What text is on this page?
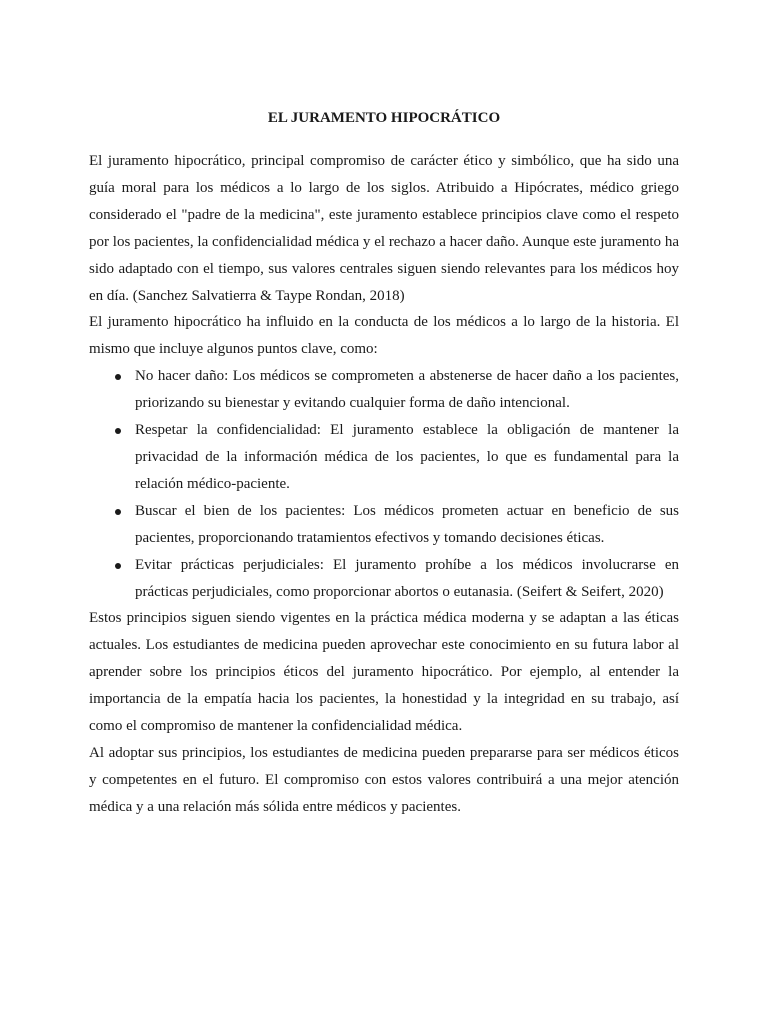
EL JURAMENTO HIPOCRÁTICO

El juramento hipocrático, principal compromiso de carácter ético y simbólico, que ha sido una guía moral para los médicos a lo largo de los siglos. Atribuido a Hipócrates, médico griego considerado el "padre de la medicina", este juramento establece principios clave como el respeto por los pacientes, la confidencialidad médica y el rechazo a hacer daño. Aunque este juramento ha sido adaptado con el tiempo, sus valores centrales siguen siendo relevantes para los médicos hoy en día. (Sanchez Salvatierra & Taype Rondan, 2018)

El juramento hipocrático ha influido en la conducta de los médicos a lo largo de la historia. El mismo que incluye algunos puntos clave, como:

No hacer daño: Los médicos se comprometen a abstenerse de hacer daño a los pacientes, priorizando su bienestar y evitando cualquier forma de daño intencional.
Respetar la confidencialidad: El juramento establece la obligación de mantener la privacidad de la información médica de los pacientes, lo que es fundamental para la relación médico-paciente.
Buscar el bien de los pacientes: Los médicos prometen actuar en beneficio de sus pacientes, proporcionando tratamientos efectivos y tomando decisiones éticas.
Evitar prácticas perjudiciales: El juramento prohíbe a los médicos involucrarse en prácticas perjudiciales, como proporcionar abortos o eutanasia. (Seifert & Seifert, 2020)

Estos principios siguen siendo vigentes en la práctica médica moderna y se adaptan a las éticas actuales. Los estudiantes de medicina pueden aprovechar este conocimiento en su futura labor al aprender sobre los principios éticos del juramento hipocrático. Por ejemplo, al entender la importancia de la empatía hacia los pacientes, la honestidad y la integridad en su trabajo, así como el compromiso de mantener la confidencialidad médica.

Al adoptar sus principios, los estudiantes de medicina pueden prepararse para ser médicos éticos y competentes en el futuro. El compromiso con estos valores contribuirá a una mejor atención médica y a una relación más sólida entre médicos y pacientes.
